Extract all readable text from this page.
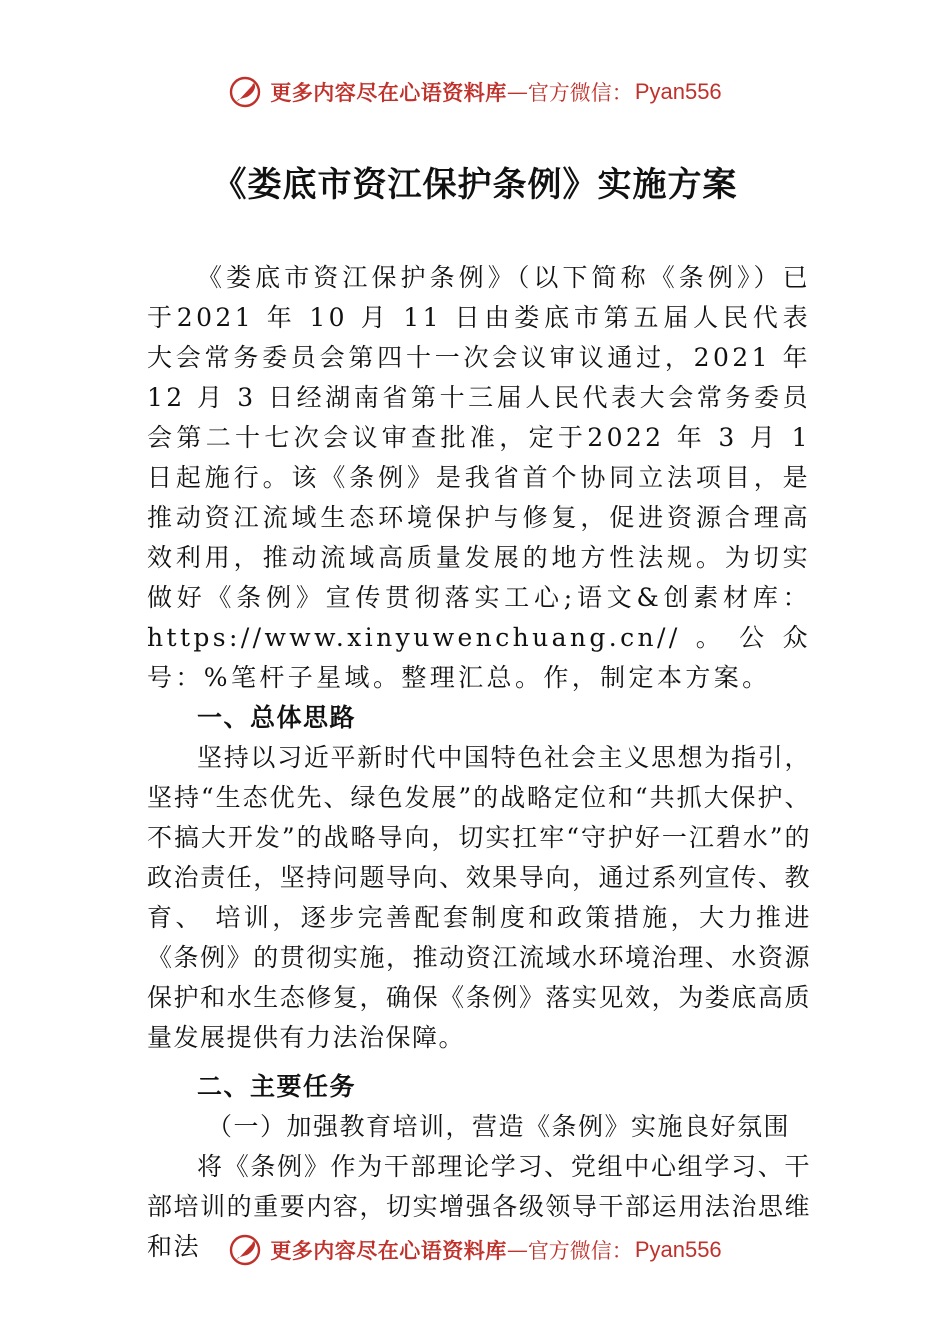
更多内容尽在心语资料库 — 官方微信： Pyan556
《娄底市资江保护条例》实施方案

《娄底市资江保护条例》（以下简称《条例》）已于2021 年 10 月 11 日由娄底市第五届人民代表大会常务委员会第四十一次会议审议通过，2021 年 12 月 3 日经湖南省第十三届人民代表大会常务委员会第二十七次会议审查批准，定于2022 年 3 月 1 日起施行。该《条例》是我省首个协同立法项目，是推动资江流域生态环境保护与修复，促进资源合理高效利用，推动流域高质量发展的地方性法规。为切实做好《条例》宣传贯彻落实工心;语文&创素材库：https://www.xinyuwenchuang.cn//。公众号：%笔杆子星域。整理汇总。作，制定本方案。

一、总体思路

坚持以习近平新时代中国特色社会主义思想为指引，坚持“生态优先、绿色发展”的战略定位和“共抓大保护、不搞大开发”的战略导向，切实扛牢“守护好一江碧水”的政治责任，坚持问题导向、效果导向，通过系列宣传、教育、 培训，逐步完善配套制度和政策措施，大力推进《条例》的贯彻实施，推动资江流域水环境治理、水资源保护和水生态修复，确保《条例》落实见效，为娄底高质量发展提供有力法治保障。

二、主要任务

（一）加强教育培训，营造《条例》实施良好氛围

将《条例》作为干部理论学习、党组中心组学习、干部培训的重要内容，切实增强各级领导干部运用法治思维和法	更多内容尽在心语资料库 — 官方微信： Pyan556
